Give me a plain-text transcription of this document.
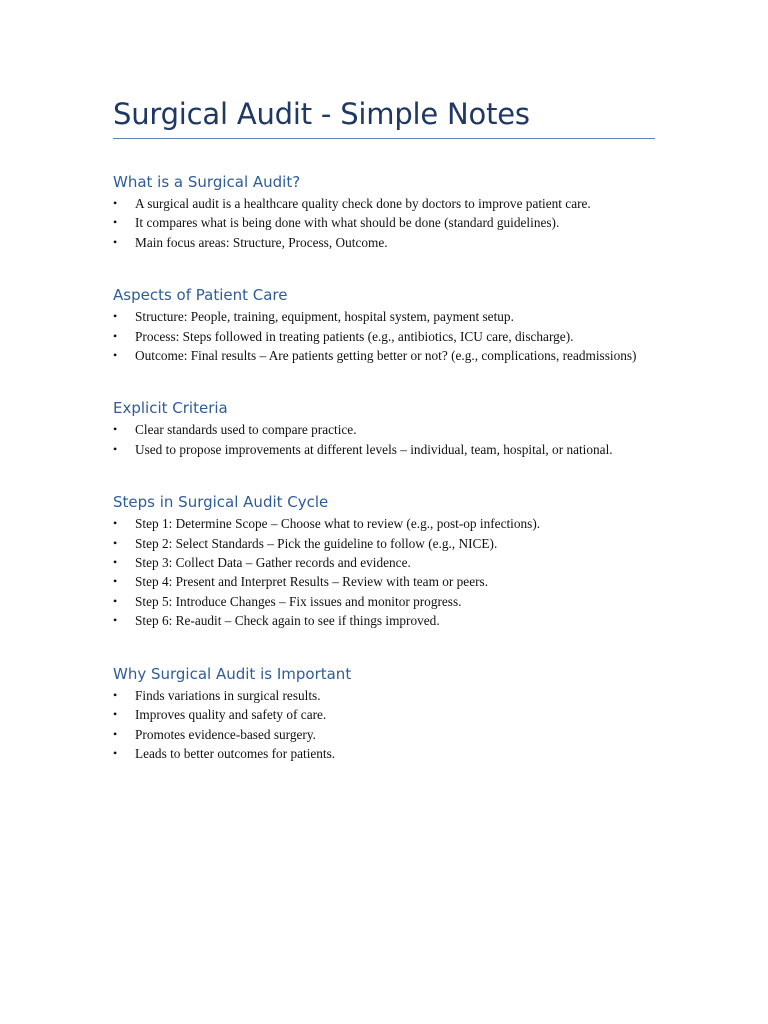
Surgical Audit - Simple Notes
What is a Surgical Audit?
• A surgical audit is a healthcare quality check done by doctors to improve patient care.
• It compares what is being done with what should be done (standard guidelines).
• Main focus areas: Structure, Process, Outcome.
Aspects of Patient Care
• Structure: People, training, equipment, hospital system, payment setup.
• Process: Steps followed in treating patients (e.g., antibiotics, ICU care, discharge).
• Outcome: Final results – Are patients getting better or not? (e.g., complications, readmissions)
Explicit Criteria
• Clear standards used to compare practice.
• Used to propose improvements at different levels – individual, team, hospital, or national.
Steps in Surgical Audit Cycle
• Step 1: Determine Scope – Choose what to review (e.g., post-op infections).
• Step 2: Select Standards – Pick the guideline to follow (e.g., NICE).
• Step 3: Collect Data – Gather records and evidence.
• Step 4: Present and Interpret Results – Review with team or peers.
• Step 5: Introduce Changes – Fix issues and monitor progress.
• Step 6: Re-audit – Check again to see if things improved.
Why Surgical Audit is Important
• Finds variations in surgical results.
• Improves quality and safety of care.
• Promotes evidence-based surgery.
• Leads to better outcomes for patients.
